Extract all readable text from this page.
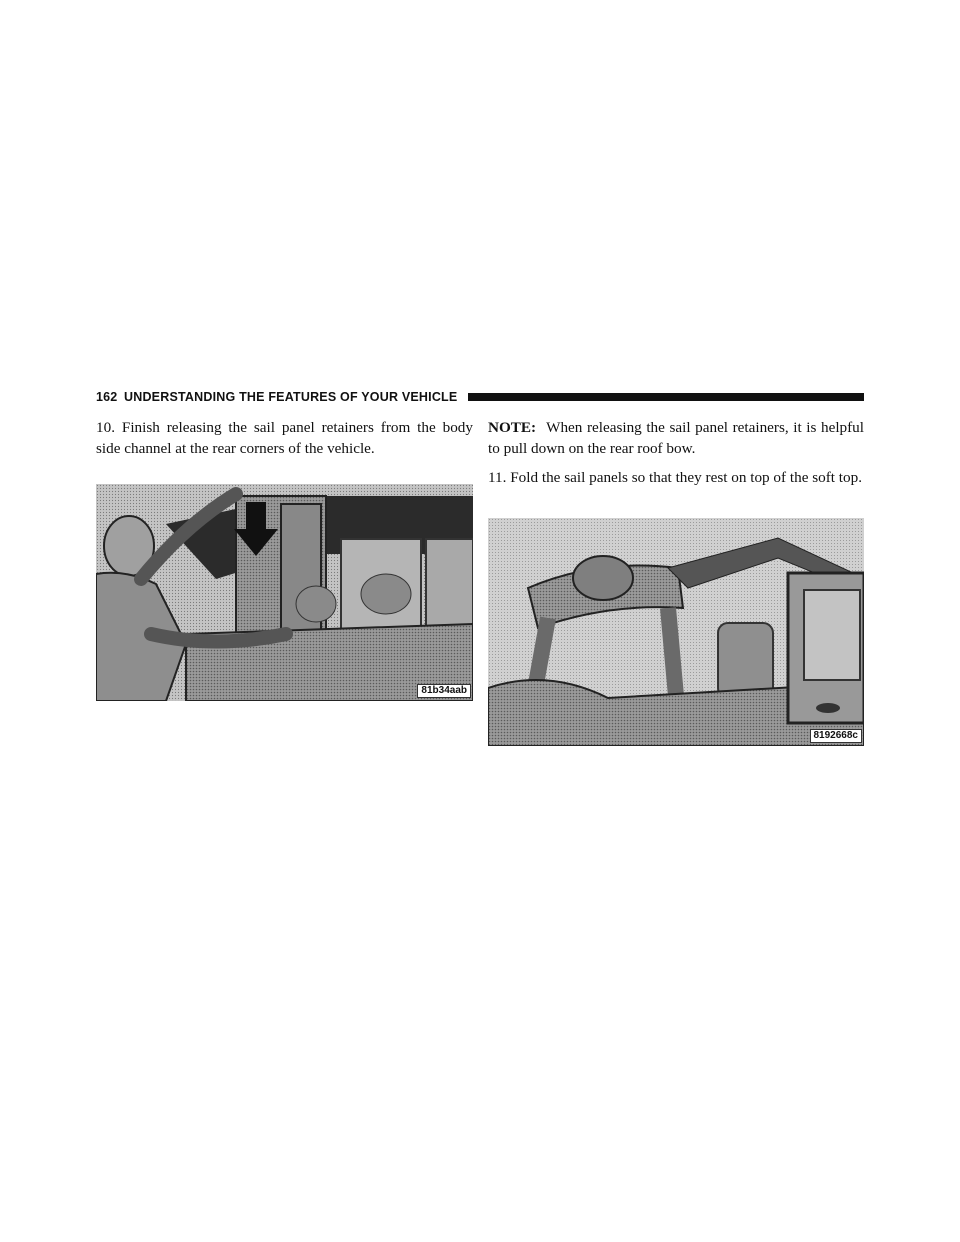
162 UNDERSTANDING THE FEATURES OF YOUR VEHICLE

10. Finish releasing the sail panel retainers from the body side channel at the rear corners of the vehicle.

81b34aab

NOTE: When releasing the sail panel retainers, it is helpful to pull down on the rear roof bow.

11. Fold the sail panels so that they rest on top of the soft top.

8192668c
